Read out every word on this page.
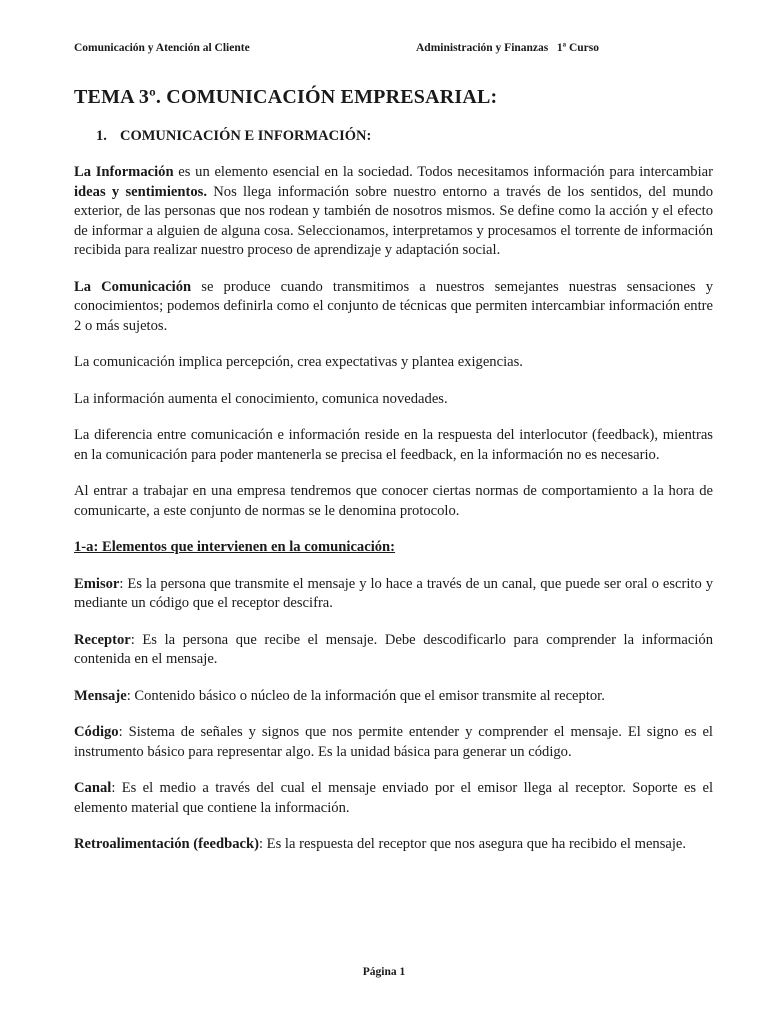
Comunicación y Atención al Cliente	Administración y Finanzas   1ª Curso
TEMA 3º. COMUNICACIÓN EMPRESARIAL:
1. COMUNICACIÓN E INFORMACIÓN:

La Información es un elemento esencial en la sociedad. Todos necesitamos información para intercambiar ideas y sentimientos. Nos llega información sobre nuestro entorno a través de los sentidos, del mundo exterior, de las personas que nos rodean y también de nosotros mismos. Se define como la acción y el efecto de informar a alguien de alguna cosa. Seleccionamos, interpretamos y procesamos el torrente de información recibida para realizar nuestro proceso de aprendizaje y adaptación social.

La Comunicación se produce cuando transmitimos a nuestros semejantes nuestras sensaciones y conocimientos; podemos definirla como el conjunto de técnicas que permiten intercambiar información entre 2 o más sujetos.

La comunicación implica percepción, crea expectativas y plantea exigencias.

La información aumenta el conocimiento, comunica novedades.

La diferencia entre comunicación e información reside en la respuesta del interlocutor (feedback), mientras en la comunicación para poder mantenerla se precisa el feedback, en la información no es necesario.

Al entrar a trabajar en una empresa tendremos que conocer ciertas normas de comportamiento a la hora de comunicarte, a este conjunto de normas se le denomina protocolo.

1-a: Elementos que intervienen en la comunicación:

Emisor: Es la persona que transmite el mensaje y lo hace a través de un canal, que puede ser oral o escrito y mediante un código que el receptor descifra.

Receptor: Es la persona que recibe el mensaje. Debe descodificarlo para comprender la información contenida en el mensaje.

Mensaje: Contenido básico o núcleo de la información que el emisor transmite al receptor.

Código: Sistema de señales y signos que nos permite entender y comprender el mensaje. El signo es el instrumento básico para representar algo. Es la unidad básica para generar un código.

Canal: Es el medio a través del cual el mensaje enviado por el emisor llega al receptor. Soporte es el elemento material que contiene la información.

Retroalimentación (feedback): Es la respuesta del receptor que nos asegura que ha recibido el mensaje.

Página 1
